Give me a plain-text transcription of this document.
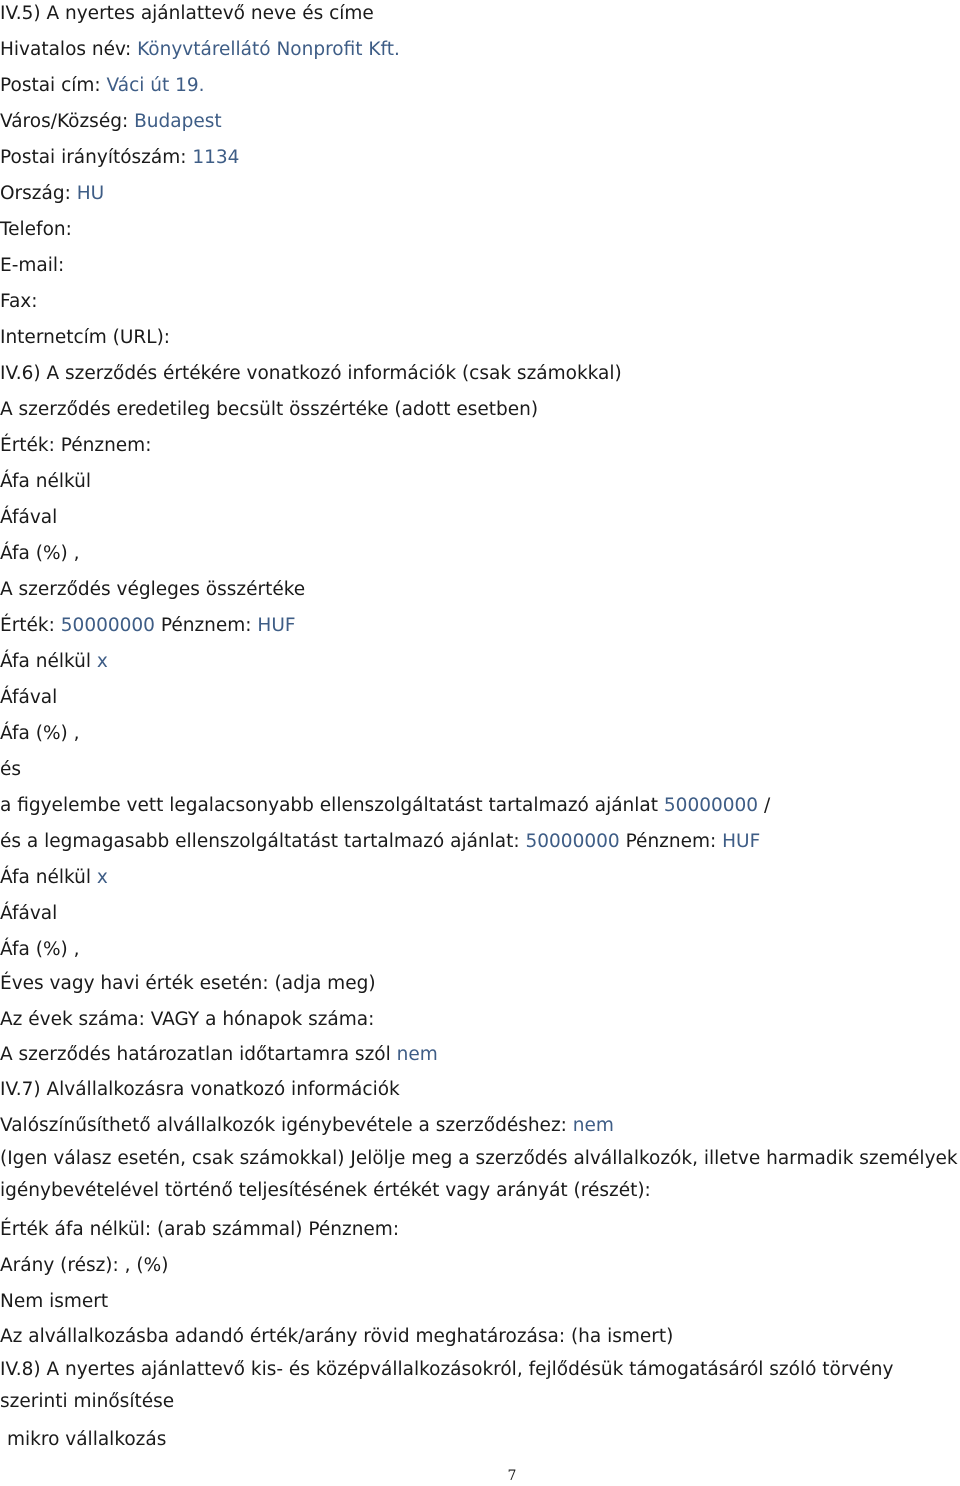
IV.5) A nyertes ajánlattevő neve és címe

Hivatalos név: Könyvtárellátó Nonprofit Kft.

Postai cím: Váci út 19.

Város/Község: Budapest

Postai irányítószám: 1134

Ország: HU

Telefon:

E-mail:

Fax:

Internetcím (URL):

IV.6) A szerződés értékére vonatkozó információk (csak számokkal)

A szerződés eredetileg becsült összértéke (adott esetben)

Érték: Pénznem:

Áfa nélkül

Áfával

Áfa (%) ,

A szerződés végleges összértéke

Érték: 50000000 Pénznem: HUF

Áfa nélkül x

Áfával

Áfa (%) ,

és

a figyelembe vett legalacsonyabb ellenszolgáltatást tartalmazó ajánlat 50000000 /

és a legmagasabb ellenszolgáltatást tartalmazó ajánlat: 50000000 Pénznem: HUF

Áfa nélkül x

Áfával

Áfa (%) ,

Éves vagy havi érték esetén: (adja meg)

Az évek száma: VAGY a hónapok száma:

A szerződés határozatlan időtartamra szól nem

IV.7) Alvállalkozásra vonatkozó információk

Valószínűsíthető alvállalkozók igénybevétele a szerződéshez: nem

(Igen válasz esetén, csak számokkal) Jelölje meg a szerződés alvállalkozók, illetve harmadik személyek igénybevételével történő teljesítésének értékét vagy arányát (részét):

Érték áfa nélkül: (arab számmal) Pénznem:

Arány (rész): , (%)

Nem ismert

Az alvállalkozásba adandó érték/arány rövid meghatározása: (ha ismert)

IV.8) A nyertes ajánlattevő kis- és középvállalkozásokról, fejlődésük támogatásáról szóló törvény szerinti minősítése

mikro vállalkozás

7
